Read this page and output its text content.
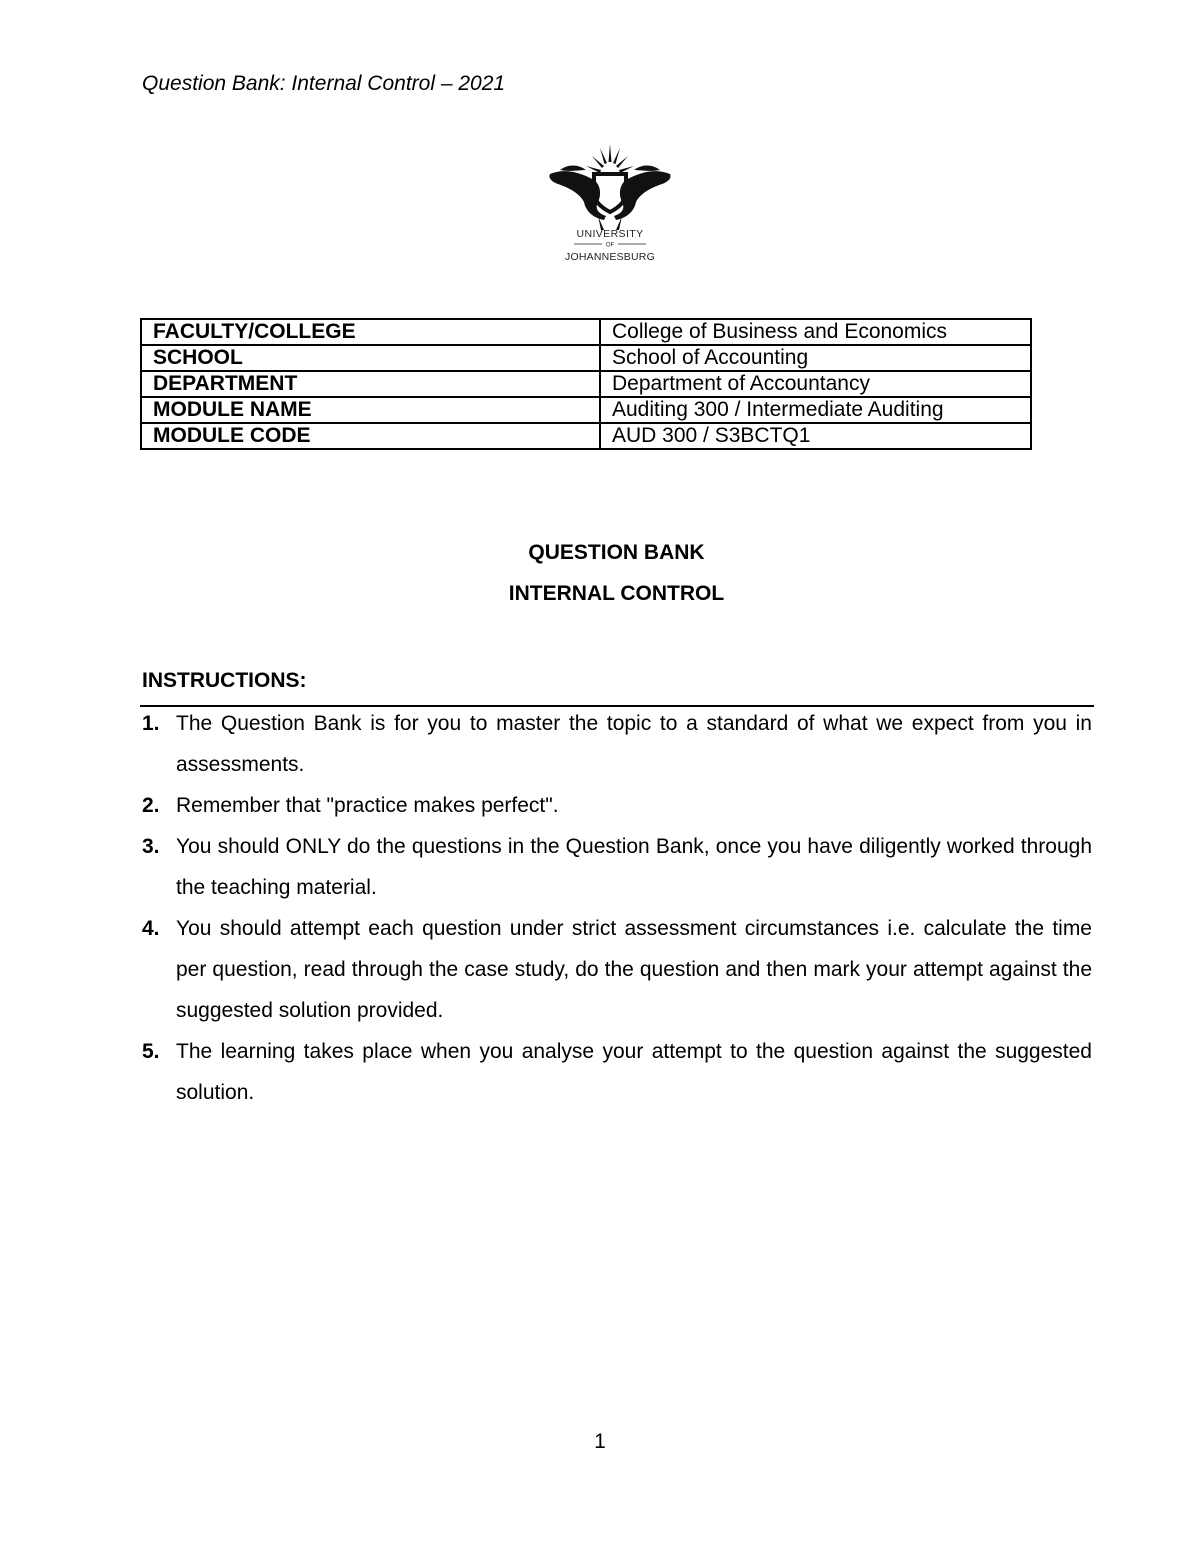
Question Bank: Internal Control – 2021
UNIVERSITY
OF
JOHANNESBURG
FACULTY/COLLEGE	College of Business and Economics
SCHOOL	School of Accounting
DEPARTMENT	Department of Accountancy
MODULE NAME	Auditing 300 / Intermediate Auditing
MODULE CODE	AUD 300 / S3BCTQ1
QUESTION BANK
INTERNAL CONTROL
INSTRUCTIONS:
1. The Question Bank is for you to master the topic to a standard of what we expect from you in assessments.
2. Remember that "practice makes perfect".
3. You should ONLY do the questions in the Question Bank, once you have diligently worked through the teaching material.
4. You should attempt each question under strict assessment circumstances i.e. calculate the time per question, read through the case study, do the question and then mark your attempt against the suggested solution provided.
5. The learning takes place when you analyse your attempt to the question against the suggested solution.
1
